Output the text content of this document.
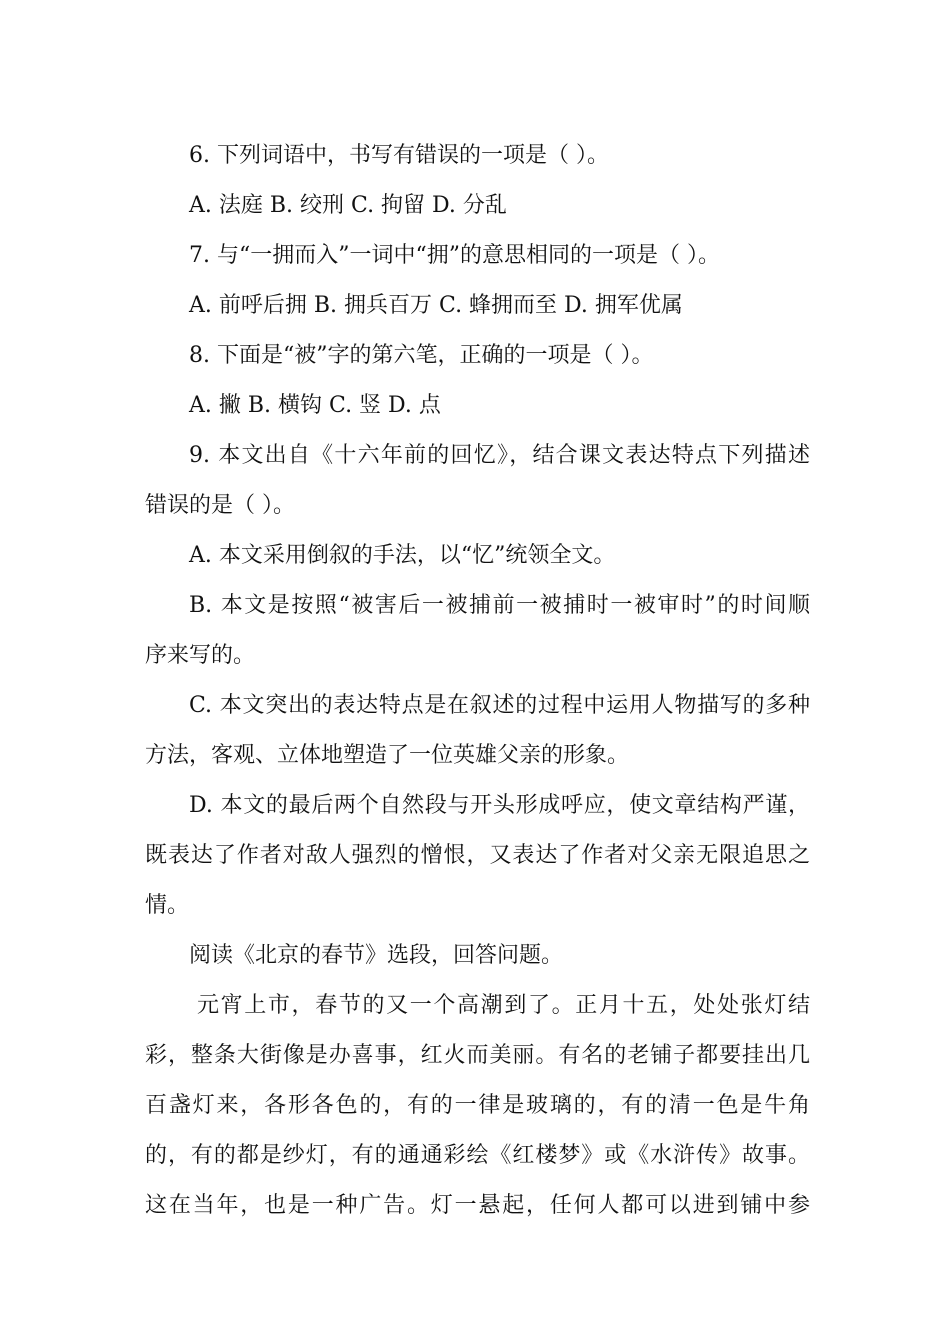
6. 下列词语中，书写有错误的一项是（ ）。
A. 法庭 B. 绞刑 C. 拘留 D. 分乱
7. 与“一拥而入”一词中“拥”的意思相同的一项是（ ）。
A. 前呼后拥 B. 拥兵百万 C. 蜂拥而至 D. 拥军优属
8. 下面是“被”字的第六笔，正确的一项是（ ）。
A. 撇 B. 横钩 C. 竖 D. 点
9. 本文出自《十六年前的回忆》，结合课文表达特点下列描述
错误的是（ ）。
A. 本文采用倒叙的手法，以“忆”统领全文。
B. 本文是按照“被害后一被捕前一被捕时一被审时”的时间顺
序来写的。
C. 本文突出的表达特点是在叙述的过程中运用人物描写的多种
方法，客观、立体地塑造了一位英雄父亲的形象。
D. 本文的最后两个自然段与开头形成呼应，使文章结构严谨，
既表达了作者对敌人强烈的憎恨，又表达了作者对父亲无限追思之
情。
阅读《北京的春节》选段，回答问题。
元宵上市，春节的又一个高潮到了。正月十五，处处张灯结
彩，整条大街像是办喜事，红火而美丽。有名的老铺子都要挂出几
百盏灯来，各形各色的，有的一律是玻璃的，有的清一色是牛角
的，有的都是纱灯，有的通通彩绘《红楼梦》或《水浒传》故事。
这在当年，也是一种广告。灯一悬起，任何人都可以进到铺中参
